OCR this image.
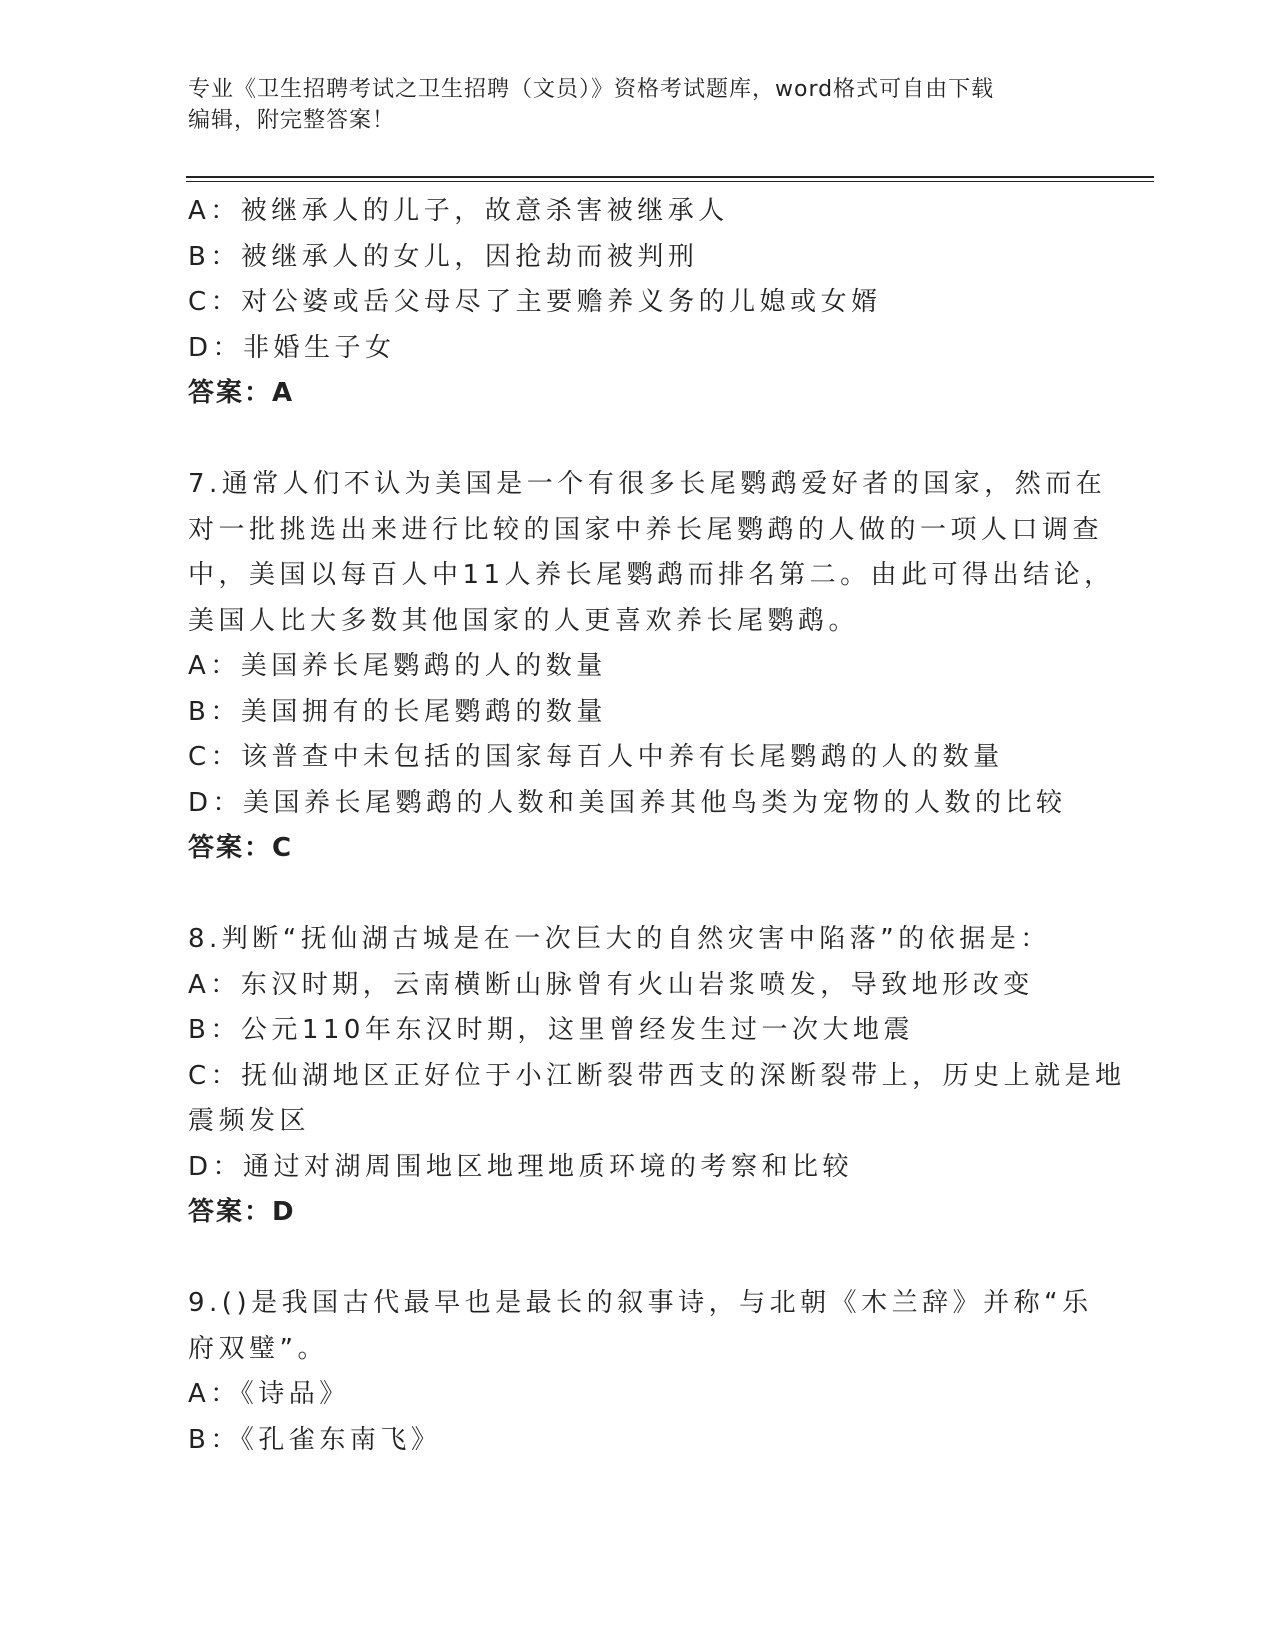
专业《卫生招聘考试之卫生招聘（文员）》资格考试题库，word格式可自由下载
编辑，附完整答案！
A：被继承人的儿子，故意杀害被继承人
B：被继承人的女儿，因抢劫而被判刑
C：对公婆或岳父母尽了主要赡养义务的儿媳或女婿
D：非婚生子女
答案：A
7.通常人们不认为美国是一个有很多长尾鹦鹉爱好者的国家，然而在
对一批挑选出来进行比较的国家中养长尾鹦鹉的人做的一项人口调查
中，美国以每百人中11人养长尾鹦鹉而排名第二。由此可得出结论，
美国人比大多数其他国家的人更喜欢养长尾鹦鹉。
A：美国养长尾鹦鹉的人的数量
B：美国拥有的长尾鹦鹉的数量
C：该普查中未包括的国家每百人中养有长尾鹦鹉的人的数量
D：美国养长尾鹦鹉的人数和美国养其他鸟类为宠物的人数的比较
答案：C
8.判断“抚仙湖古城是在一次巨大的自然灾害中陷落”的依据是：
A：东汉时期，云南横断山脉曾有火山岩浆喷发，导致地形改变
B：公元110年东汉时期，这里曾经发生过一次大地震
C：抚仙湖地区正好位于小江断裂带西支的深断裂带上，历史上就是地
震频发区
D：通过对湖周围地区地理地质环境的考察和比较
答案：D
9.()是我国古代最早也是最长的叙事诗，与北朝《木兰辞》并称“乐
府双璧”。
A：《诗品》
B：《孔雀东南飞》
